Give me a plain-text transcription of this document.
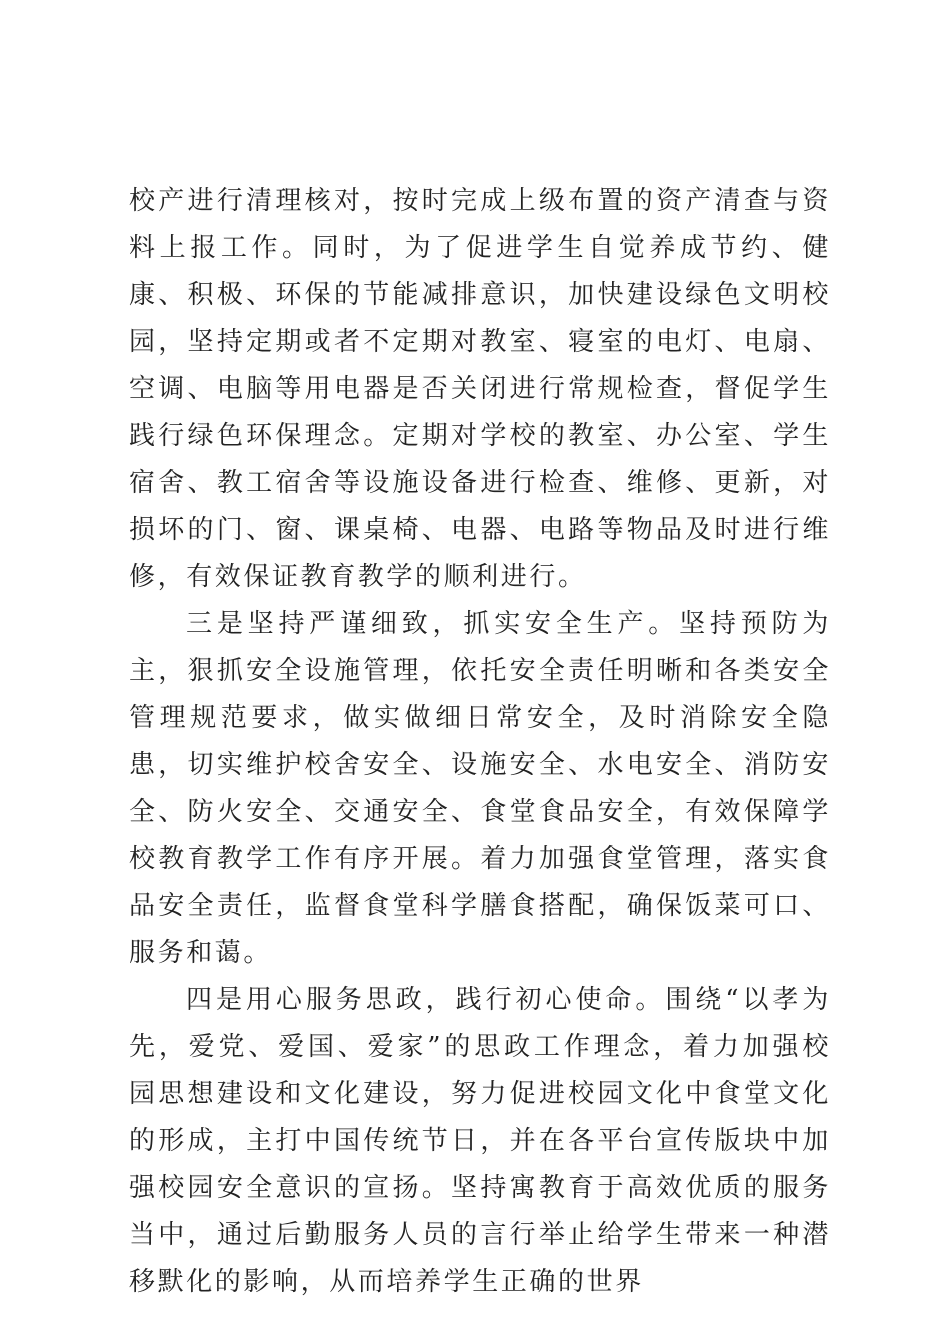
校产进行清理核对，按时完成上级布置的资产清查与资料上报工作。同时，为了促进学生自觉养成节约、健康、积极、环保的节能减排意识，加快建设绿色文明校园，坚持定期或者不定期对教室、寝室的电灯、电扇、空调、电脑等用电器是否关闭进行常规检查，督促学生践行绿色环保理念。定期对学校的教室、办公室、学生宿舍、教工宿舍等设施设备进行检查、维修、更新，对损坏的门、窗、课桌椅、电器、电路等物品及时进行维修，有效保证教育教学的顺利进行。

三是坚持严谨细致，抓实安全生产。坚持预防为主，狠抓安全设施管理，依托安全责任明晰和各类安全管理规范要求，做实做细日常安全，及时消除安全隐患，切实维护校舍安全、设施安全、水电安全、消防安全、防火安全、交通安全、食堂食品安全，有效保障学校教育教学工作有序开展。着力加强食堂管理，落实食品安全责任，监督食堂科学膳食搭配，确保饭菜可口、服务和蔼。

四是用心服务思政，践行初心使命。围绕“以孝为先，爱党、爱国、爱家”的思政工作理念，着力加强校园思想建设和文化建设，努力促进校园文化中食堂文化的形成，主打中国传统节日，并在各平台宣传版块中加强校园安全意识的宣扬。坚持寓教育于高效优质的服务当中，通过后勤服务人员的言行举止给学生带来一种潜移默化的影响，从而培养学生正确的世界
